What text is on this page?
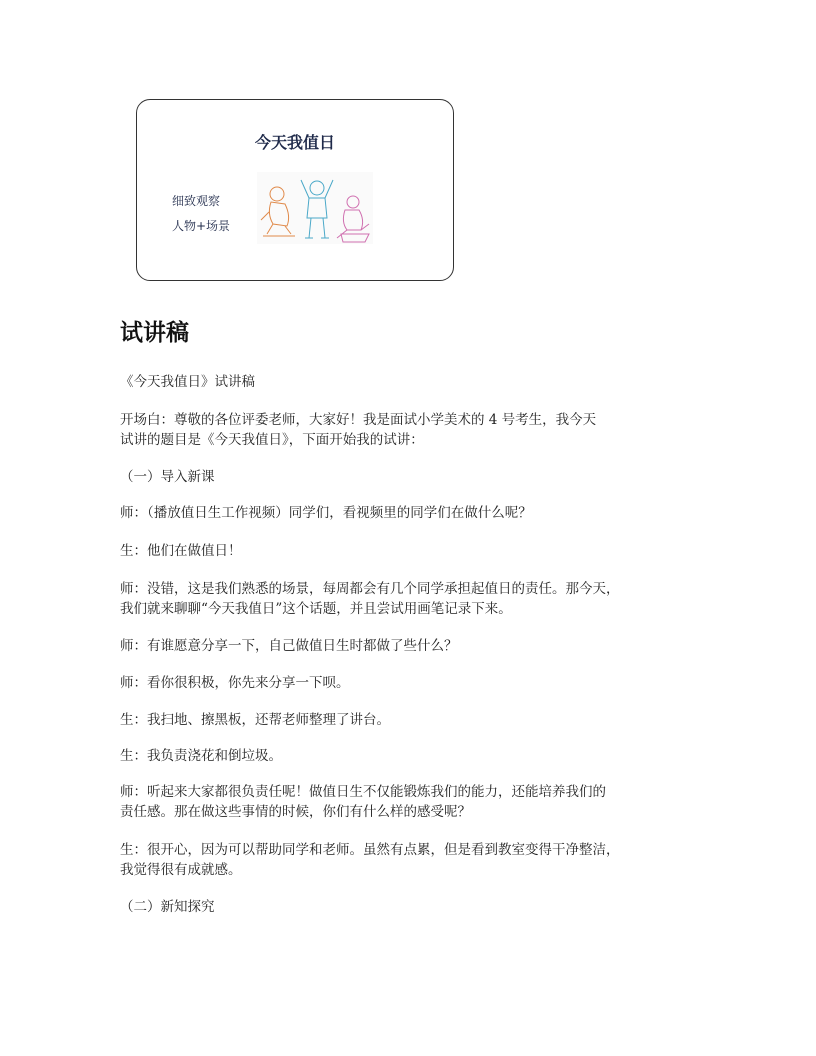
今天我值日
细致观察
人物+场景
试讲稿
《今天我值日》试讲稿
开场白：尊敬的各位评委老师，大家好！我是面试小学美术的 4 号考生，我今天
试讲的题目是《今天我值日》，下面开始我的试讲：
（一）导入新课
师：（播放值日生工作视频）同学们，看视频里的同学们在做什么呢？
生：他们在做值日！
师：没错，这是我们熟悉的场景，每周都会有几个同学承担起值日的责任。那今天，
我们就来聊聊“今天我值日”这个话题，并且尝试用画笔记录下来。
师：有谁愿意分享一下，自己做值日生时都做了些什么？
师：看你很积极，你先来分享一下呗。
生：我扫地、擦黑板，还帮老师整理了讲台。
生：我负责浇花和倒垃圾。
师：听起来大家都很负责任呢！做值日生不仅能锻炼我们的能力，还能培养我们的
责任感。那在做这些事情的时候，你们有什么样的感受呢？
生：很开心，因为可以帮助同学和老师。虽然有点累，但是看到教室变得干净整洁，
我觉得很有成就感。
（二）新知探究
